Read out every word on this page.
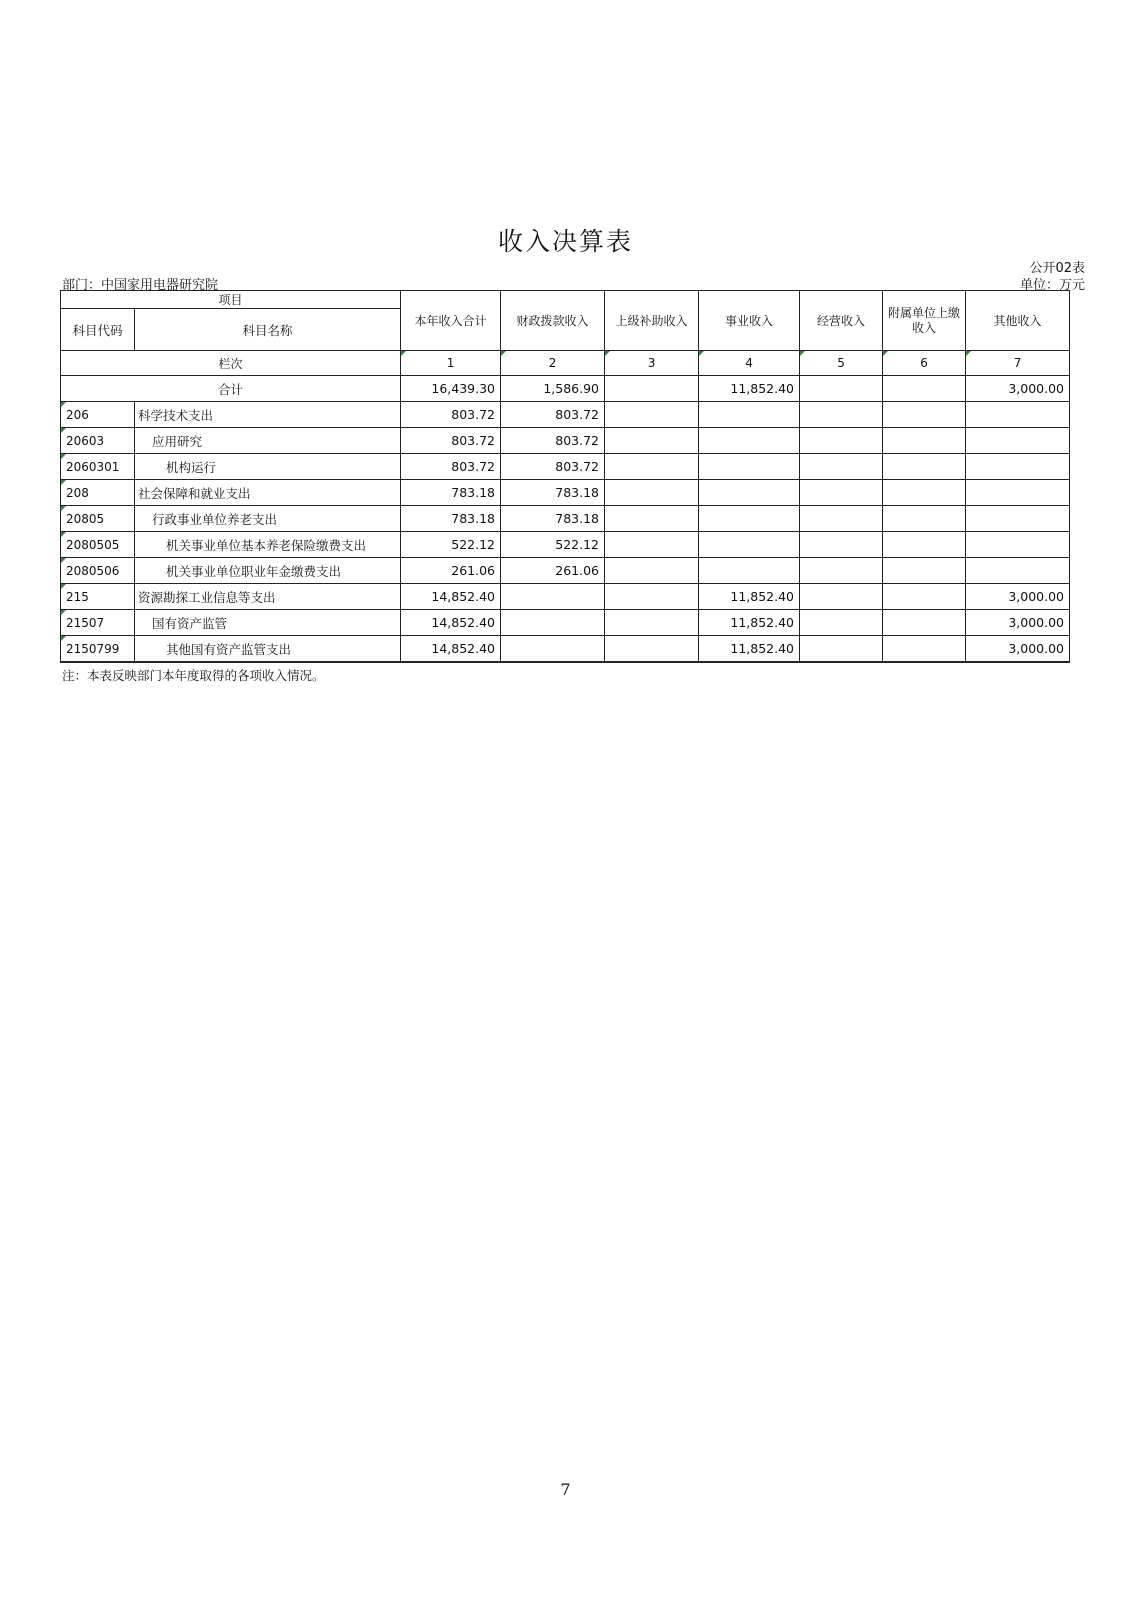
收入决算表
公开02表
部门：中国家用电器研究院	单位：万元
项目		本年收入合计	财政拨款收入	上级补助收入	事业收入	经营收入	附属单位上缴收入	其他收入
科目代码	科目名称							
栏次		1	2	3	4	5	6	7
合计		16,439.30	1,586.90		11,852.40			3,000.00
206	科学技术支出	803.72	803.72					
20603	应用研究	803.72	803.72					
2060301	机构运行	803.72	803.72					
208	社会保障和就业支出	783.18	783.18					
20805	行政事业单位养老支出	783.18	783.18					
2080505	机关事业单位基本养老保险缴费支出	522.12	522.12					
2080506	机关事业单位职业年金缴费支出	261.06	261.06					
215	资源勘探工业信息等支出	14,852.40			11,852.40			3,000.00
21507	国有资产监管	14,852.40			11,852.40			3,000.00
2150799	其他国有资产监管支出	14,852.40			11,852.40			3,000.00
注：本表反映部门本年度取得的各项收入情况。
7
